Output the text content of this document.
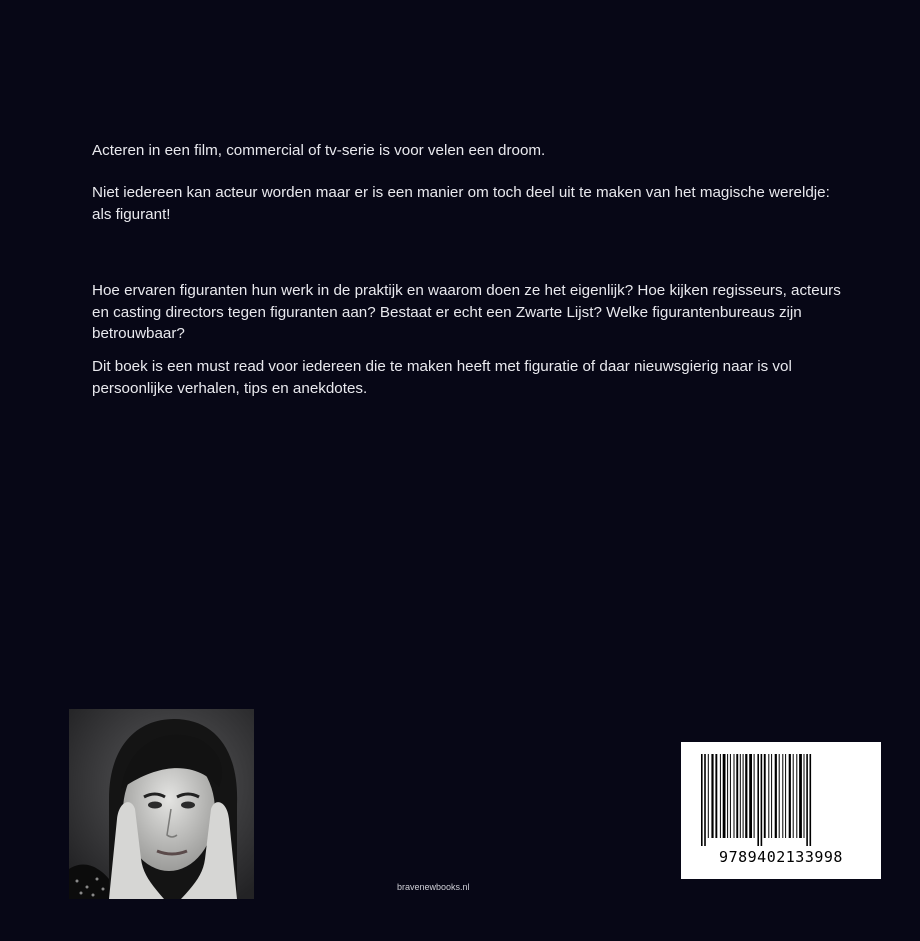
Acteren in een film, commercial of tv-serie is voor velen een droom.

Niet iedereen kan acteur worden maar er is een manier om toch deel uit te maken van het magische wereldje: als figurant!

Hoe ervaren figuranten hun werk in de praktijk en waarom doen ze het eigenlijk? Hoe kijken regisseurs, acteurs en casting directors tegen figuranten aan? Bestaat er echt een Zwarte Lijst? Welke figurantenbureaus zijn betrouwbaar?

Dit boek is een must read voor iedereen die te maken heeft met figuratie of daar nieuwsgierig naar is vol persoonlijke verhalen, tips en anekdotes.

bravenewbooks.nl
9789402133998
